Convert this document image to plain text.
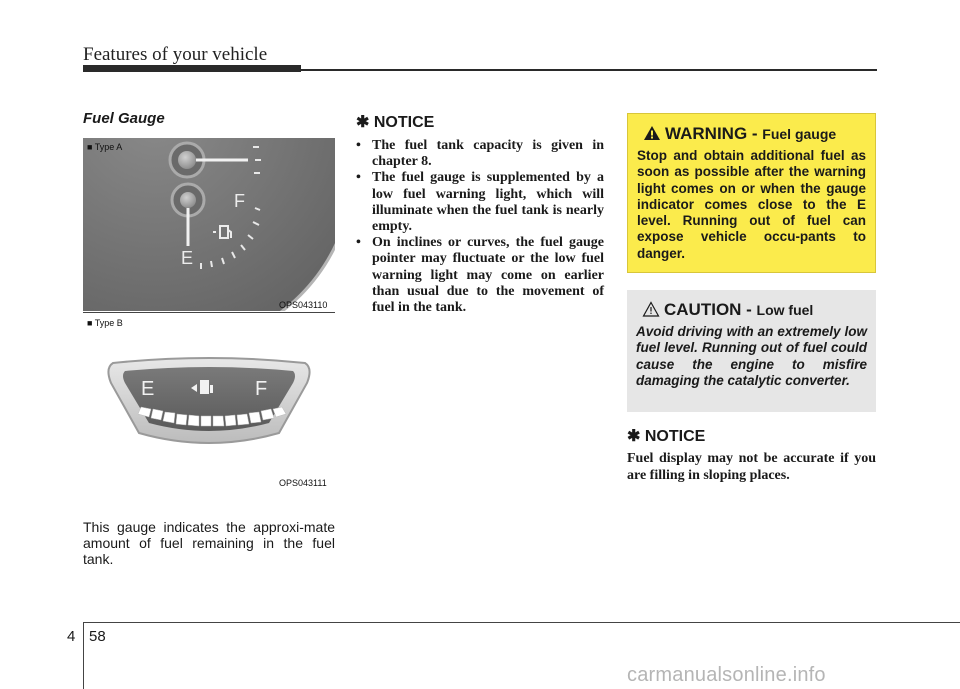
Features of your vehicle
Fuel Gauge
F
E
■ Type A
OPS043110
E	F
■ Type B
OPS043111
This gauge indicates the approxi-mate amount of fuel remaining in the fuel tank.
✱ NOTICE
• The fuel tank capacity is given in chapter 8.
• The fuel gauge is supplemented by a low fuel warning light, which will illuminate when the fuel tank is nearly empty.
• On inclines or curves, the fuel gauge pointer may fluctuate or the low fuel warning light may come on earlier than usual due to the movement of fuel in the tank.
WARNING - Fuel gauge
Stop and obtain additional fuel as soon as possible after the warning light comes on or when the gauge indicator comes close to the E level. Running out of fuel can expose vehicle occu-pants to danger.
CAUTION - Low fuel
Avoid driving with an extremely low fuel level. Running out of fuel could cause the engine to misfire damaging the catalytic converter.
✱ NOTICE
Fuel display may not be accurate if you are filling in sloping places.
4 58
carmanualsonline.info
